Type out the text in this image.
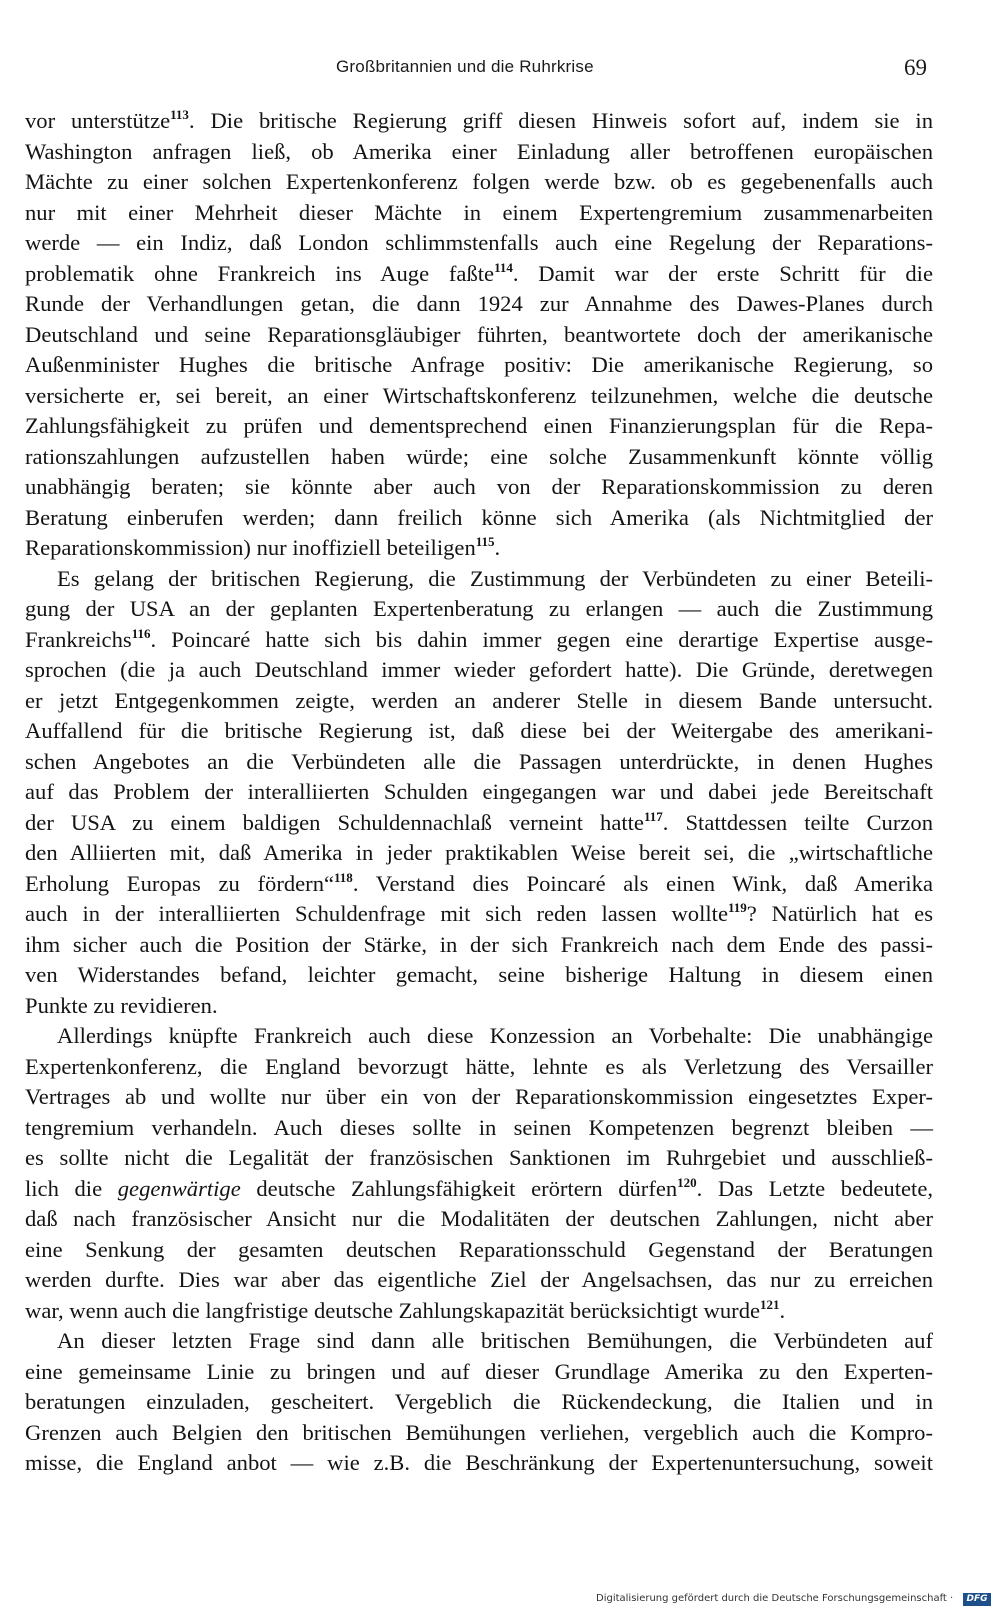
Großbritannien und die Ruhrkrise	69
vor unterstütze$^{113}$. Die britische Regierung griff diesen Hinweis sofort auf, indem sie in
Washington anfragen ließ, ob Amerika einer Einladung aller betroffenen europäischen
Mächte zu einer solchen Expertenkonferenz folgen werde bzw. ob es gegebenenfalls auch
nur mit einer Mehrheit dieser Mächte in einem Expertengremium zusammenarbeiten
werde — ein Indiz, daß London schlimmstenfalls auch eine Regelung der Reparations-
problematik ohne Frankreich ins Auge faßte$^{114}$. Damit war der erste Schritt für die
Runde der Verhandlungen getan, die dann 1924 zur Annahme des Dawes-Planes durch
Deutschland und seine Reparationsgläubiger führten, beantwortete doch der amerikanische
Außenminister Hughes die britische Anfrage positiv: Die amerikanische Regierung, so
versicherte er, sei bereit, an einer Wirtschaftskonferenz teilzunehmen, welche die deutsche
Zahlungsfähigkeit zu prüfen und dementsprechend einen Finanzierungsplan für die Repa-
rationszahlungen aufzustellen haben würde; eine solche Zusammenkunft könnte völlig
unabhängig beraten; sie könnte aber auch von der Reparationskommission zu deren
Beratung einberufen werden; dann freilich könne sich Amerika (als Nichtmitglied der
Reparationskommission) nur inoffiziell beteiligen$^{115}$.
Es gelang der britischen Regierung, die Zustimmung der Verbündeten zu einer Beteili-
gung der USA an der geplanten Expertenberatung zu erlangen — auch die Zustimmung
Frankreichs$^{116}$. Poincaré hatte sich bis dahin immer gegen eine derartige Expertise ausge-
sprochen (die ja auch Deutschland immer wieder gefordert hatte). Die Gründe, deretwegen
er jetzt Entgegenkommen zeigte, werden an anderer Stelle in diesem Bande untersucht.
Auffallend für die britische Regierung ist, daß diese bei der Weitergabe des amerikani-
schen Angebotes an die Verbündeten alle die Passagen unterdrückte, in denen Hughes
auf das Problem der interalliierten Schulden eingegangen war und dabei jede Bereitschaft
der USA zu einem baldigen Schuldennachlaß verneint hatte$^{117}$. Stattdessen teilte Curzon
den Alliierten mit, daß Amerika in jeder praktikablen Weise bereit sei, die „wirtschaftliche
Erholung Europas zu fördern“$^{118}$. Verstand dies Poincaré als einen Wink, daß Amerika
auch in der interalliierten Schuldenfrage mit sich reden lassen wollte$^{119}$? Natürlich hat es
ihm sicher auch die Position der Stärke, in der sich Frankreich nach dem Ende des passi-
ven Widerstandes befand, leichter gemacht, seine bisherige Haltung in diesem einen
Punkte zu revidieren.
Allerdings knüpfte Frankreich auch diese Konzession an Vorbehalte: Die unabhängige
Expertenkonferenz, die England bevorzugt hätte, lehnte es als Verletzung des Versailler
Vertrages ab und wollte nur über ein von der Reparationskommission eingesetztes Exper-
tengremium verhandeln. Auch dieses sollte in seinen Kompetenzen begrenzt bleiben —
es sollte nicht die Legalität der französischen Sanktionen im Ruhrgebiet und ausschließ-
lich die gegenwärtige deutsche Zahlungsfähigkeit erörtern dürfen$^{120}$. Das Letzte bedeutete,
daß nach französischer Ansicht nur die Modalitäten der deutschen Zahlungen, nicht aber
eine Senkung der gesamten deutschen Reparationsschuld Gegenstand der Beratungen
werden durfte. Dies war aber das eigentliche Ziel der Angelsachsen, das nur zu erreichen
war, wenn auch die langfristige deutsche Zahlungskapazität berücksichtigt wurde$^{121}$.
An dieser letzten Frage sind dann alle britischen Bemühungen, die Verbündeten auf
eine gemeinsame Linie zu bringen und auf dieser Grundlage Amerika zu den Experten-
beratungen einzuladen, gescheitert. Vergeblich die Rückendeckung, die Italien und in
Grenzen auch Belgien den britischen Bemühungen verliehen, vergeblich auch die Kompro-
misse, die England anbot — wie z.B. die Beschränkung der Expertenuntersuchung, soweit
Digitalisierung gefördert durch die Deutsche Forschungsgemeinschaft ·	DFG
